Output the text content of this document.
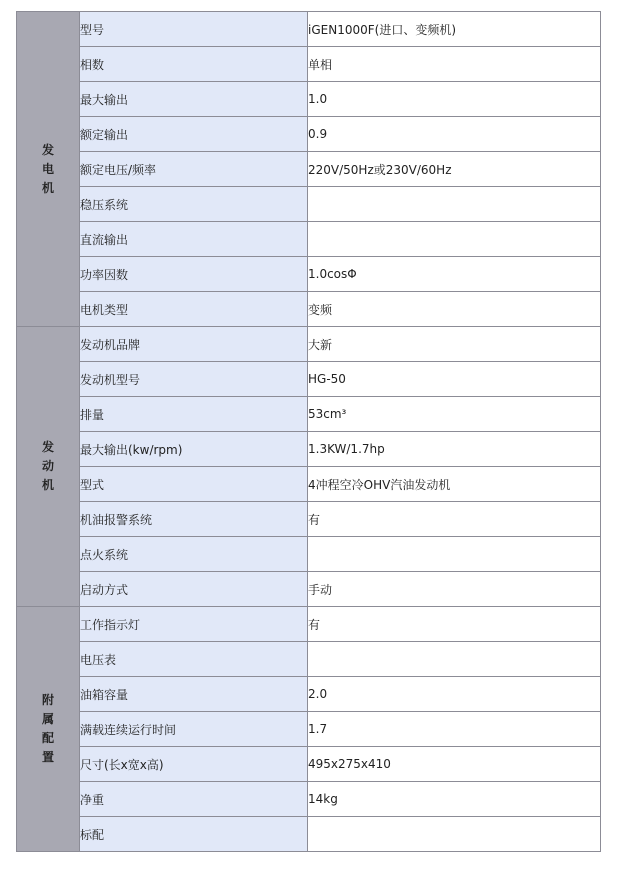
发电机	型号	iGEN1000F(进口、变频机)
	相数	单相
	最大输出	1.0
	额定输出	0.9
	额定电压/频率	220V/50Hz或230V/60Hz
	稳压系统	
	直流输出	
	功率因数	1.0cosΦ
	电机类型	变频
发动机	发动机品牌	大新
	发动机型号	HG-50
	排量	53cm³
	最大输出(kw/rpm)	1.3KW/1.7hp
	型式	4冲程空冷OHV汽油发动机
	机油报警系统	有
	点火系统	
	启动方式	手动
附属配置	工作指示灯	有
	电压表	
	油箱容量	2.0
	满载连续运行时间	1.7
	尺寸(长x宽x高)	495x275x410
	净重	14kg
	标配	
